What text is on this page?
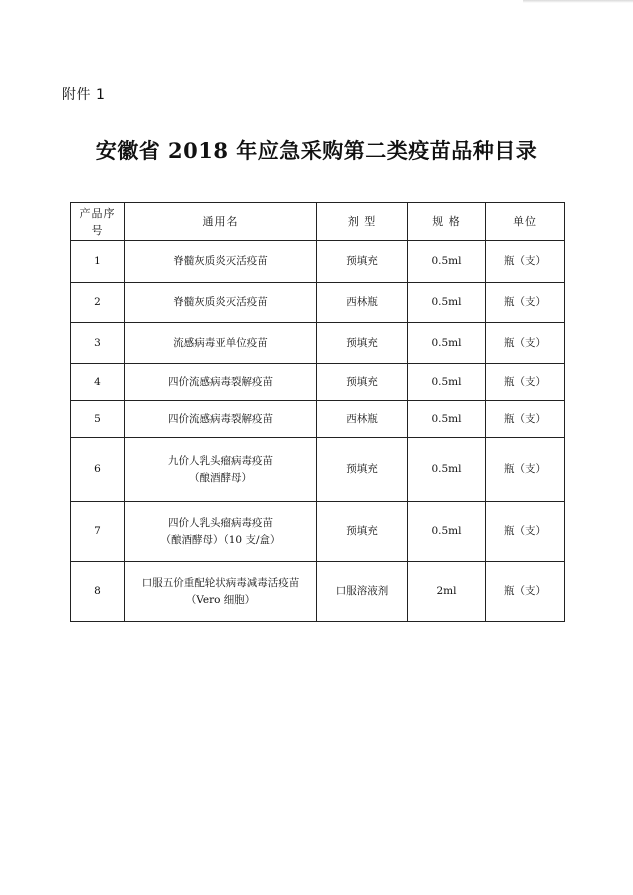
附件 1
安徽省 2018 年应急采购第二类疫苗品种目录
产品序号	通用名	剂 型	规 格	单位
1	脊髓灰质炎灭活疫苗	预填充	0.5ml	瓶（支）
2	脊髓灰质炎灭活疫苗	西林瓶	0.5ml	瓶（支）
3	流感病毒亚单位疫苗	预填充	0.5ml	瓶（支）
4	四价流感病毒裂解疫苗	预填充	0.5ml	瓶（支）
5	四价流感病毒裂解疫苗	西林瓶	0.5ml	瓶（支）
6	九价人乳头瘤病毒疫苗
（酿酒酵母）	预填充	0.5ml	瓶（支）
7	四价人乳头瘤病毒疫苗
（酿酒酵母）（10 支/盒）	预填充	0.5ml	瓶（支）
8	口服五价重配轮状病毒减毒活疫苗
（Vero 细胞）	口服溶液剂	2ml	瓶（支）
